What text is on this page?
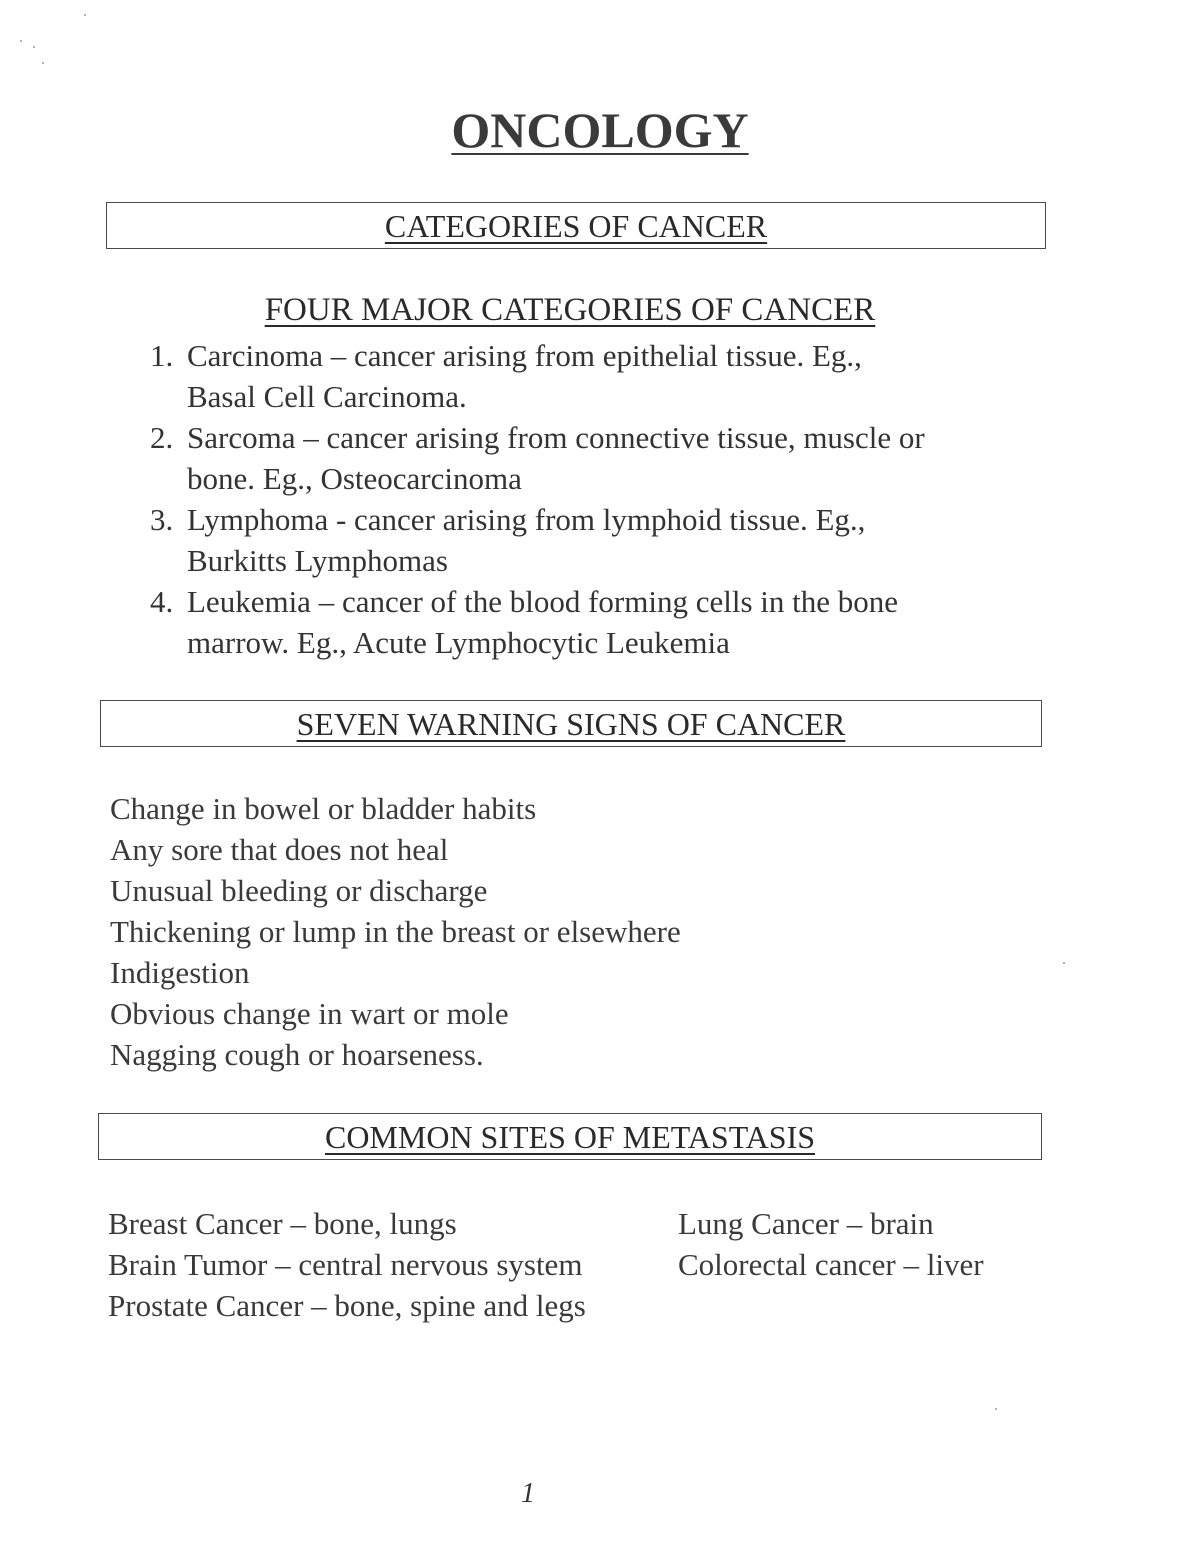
ONCOLOGY
CATEGORIES OF CANCER
FOUR MAJOR CATEGORIES OF CANCER
1. Carcinoma – cancer arising from epithelial tissue. Eg.,
Basal Cell Carcinoma.
2. Sarcoma – cancer arising from connective tissue, muscle or
bone. Eg., Osteocarcinoma
3. Lymphoma - cancer arising from lymphoid tissue. Eg.,
Burkitts Lymphomas
4. Leukemia – cancer of the blood forming cells in the bone
marrow. Eg., Acute Lymphocytic Leukemia
SEVEN WARNING SIGNS OF CANCER
Change in bowel or bladder habits
Any sore that does not heal
Unusual bleeding or discharge
Thickening or lump in the breast or elsewhere
Indigestion
Obvious change in wart or mole
Nagging cough or hoarseness.
COMMON SITES OF METASTASIS
Breast Cancer – bone, lungs
Brain Tumor – central nervous system
Prostate Cancer – bone, spine and legs
Lung Cancer – brain
Colorectal cancer – liver
1
